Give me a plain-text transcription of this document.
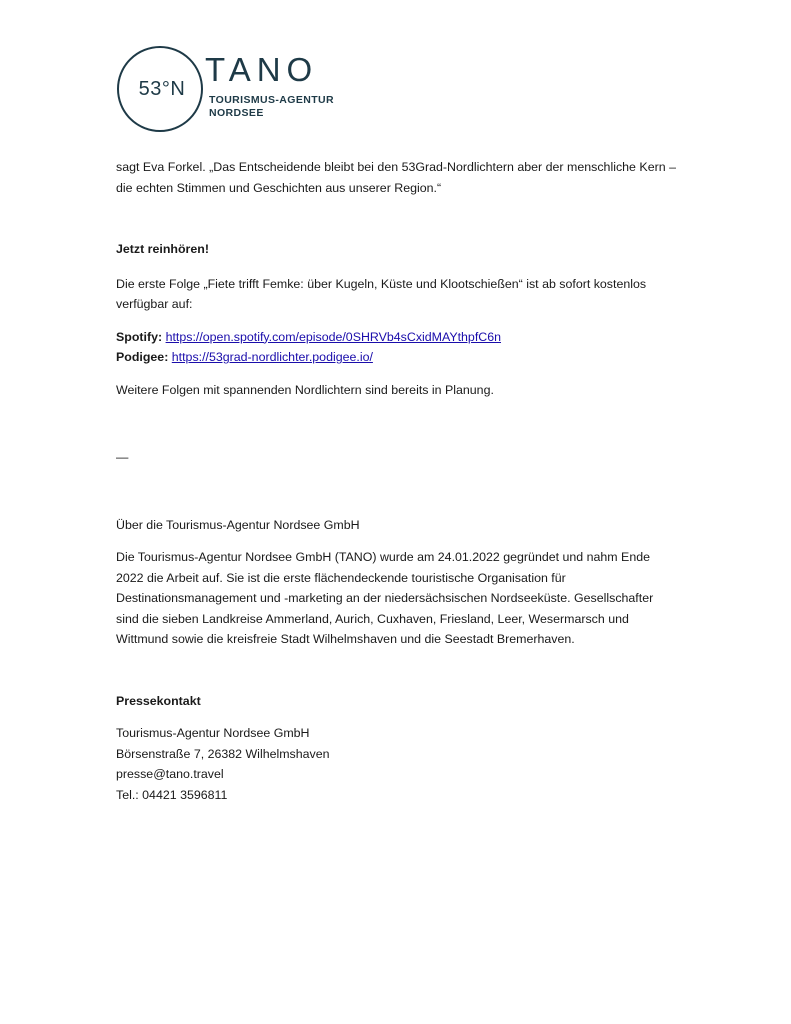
53°N
TANO
TOURISMUS-AGENTUR
NORDSEE

sagt Eva Forkel. „Das Entscheidende bleibt bei den 53Grad-Nordlichtern aber der menschliche Kern – die echten Stimmen und Geschichten aus unserer Region.“

Jetzt reinhören!

Die erste Folge „Fiete trifft Femke: über Kugeln, Küste und Klootschießen“ ist ab sofort kostenlos verfügbar auf:

Spotify: https://open.spotify.com/episode/0SHRVb4sCxidMAYthpfC6n

Podigee: https://53grad-nordlichter.podigee.io/

Weitere Folgen mit spannenden Nordlichtern sind bereits in Planung.

—

Über die Tourismus-Agentur Nordsee GmbH

Die Tourismus-Agentur Nordsee GmbH (TANO) wurde am 24.01.2022 gegründet und nahm Ende 2022 die Arbeit auf. Sie ist die erste flächendeckende touristische Organisation für Destinationsmanagement und -marketing an der niedersächsischen Nordseeküste. Gesellschafter sind die sieben Landkreise Ammerland, Aurich, Cuxhaven, Friesland, Leer, Wesermarsch und Wittmund sowie die kreisfreie Stadt Wilhelmshaven und die Seestadt Bremerhaven.

Pressekontakt

Tourismus-Agentur Nordsee GmbH

Börsenstraße 7, 26382 Wilhelmshaven

presse@tano.travel

Tel.: 04421 3596811
